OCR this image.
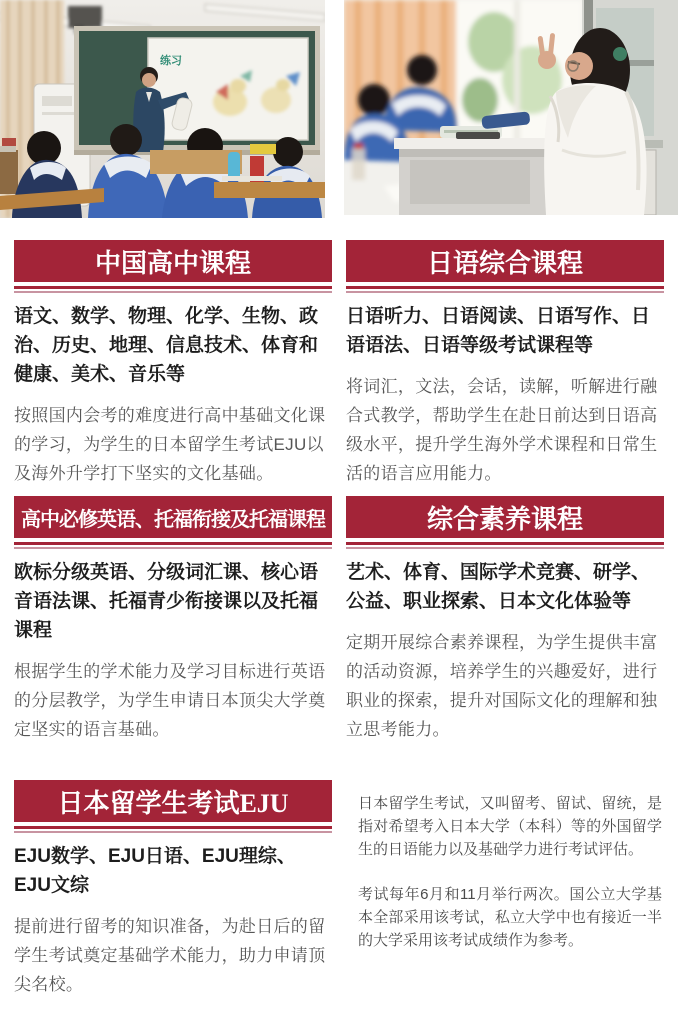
练习
中国高中课程

语文、数学、物理、化学、生物、政治、历史、地理、信息技术、体育和健康、美术、音乐等

按照国内会考的难度进行高中基础文化课的学习，为学生的日本留学生考试EJU以及海外升学打下坚实的文化基础。

日语综合课程

日语听力、日语阅读、日语写作、日语语法、日语等级考试课程等

将词汇，文法，会话，读解，听解进行融合式教学，帮助学生在赴日前达到日语高级水平，提升学生海外学术课程和日常生活的语言应用能力。

高中必修英语、托福衔接及托福课程

欧标分级英语、分级词汇课、核心语音语法课、托福青少衔接课以及托福课程

根据学生的学术能力及学习目标进行英语的分层教学，为学生申请日本顶尖大学奠定坚实的语言基础。

综合素养课程

艺术、体育、国际学术竞赛、研学、公益、职业探索、日本文化体验等

定期开展综合素养课程，为学生提供丰富的活动资源，培养学生的兴趣爱好，进行职业的探索，提升对国际文化的理解和独立思考能力。

日本留学生考试EJU

EJU数学、EJU日语、EJU理综、EJU文综

提前进行留考的知识准备，为赴日后的留学生考试奠定基础学术能力，助力申请顶尖名校。

日本留学生考试，又叫留考、留试、留统，是指对希望考入日本大学（本科）等的外国留学生的日语能力以及基础学力进行考试评估。

考试每年6月和11月举行两次。国公立大学基本全部采用该考试，私立大学中也有接近一半的大学采用该考试成绩作为参考。
